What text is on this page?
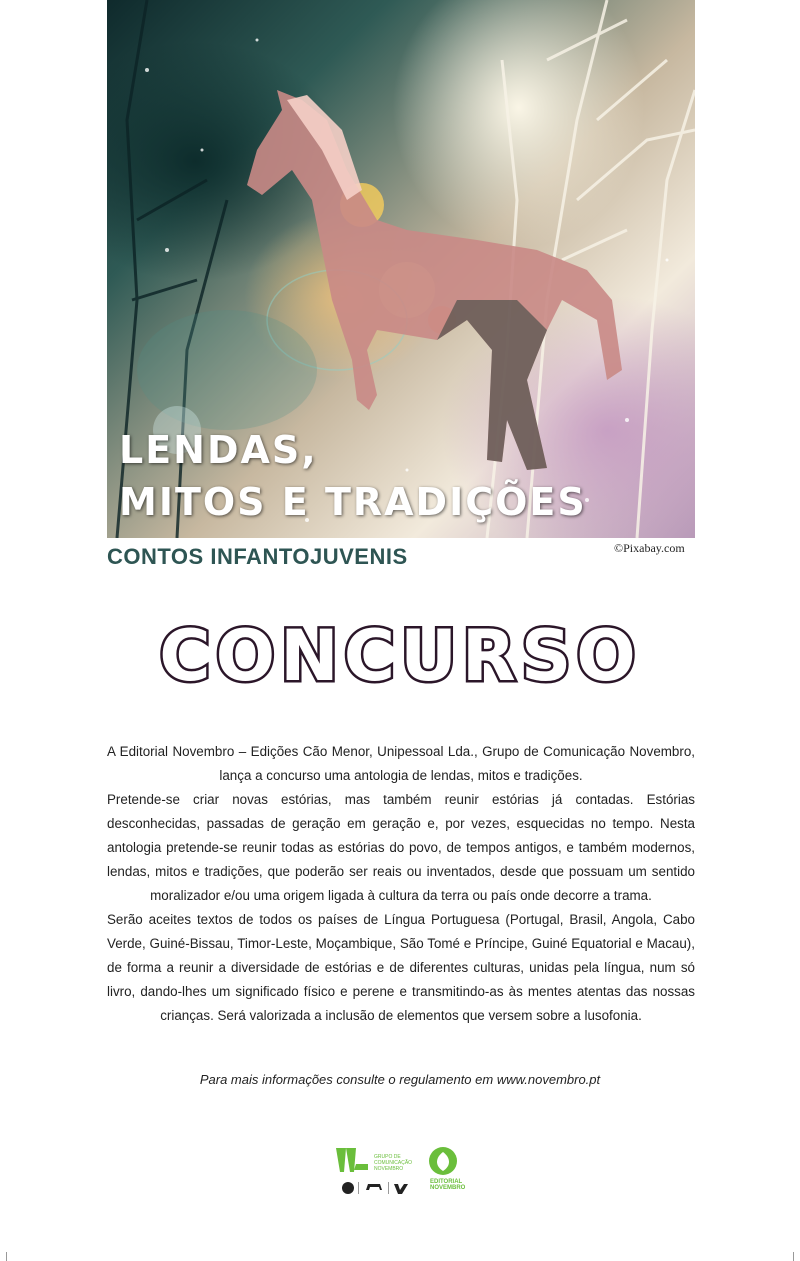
LENDAS,
MITOS E TRADIÇÕES

CONTOS INFANTOJUVENIS	©Pixabay.com

CONCURSO

A Editorial Novembro – Edições Cão Menor, Unipessoal Lda., Grupo de Comunicação Novembro, lança a concurso uma antologia de lendas, mitos e tradições.

Pretende-se criar novas estórias, mas também reunir estórias já contadas. Estórias desconhecidas, passadas de geração em geração e, por vezes, esquecidas no tempo. Nesta antologia pretende-se reunir todas as estórias do povo, de tempos antigos, e também modernos, lendas, mitos e tradições, que poderão ser reais ou inventados, desde que possuam um sentido moralizador e/ou uma origem ligada à cultura da terra ou país onde decorre a trama.

Serão aceites textos de todos os países de Língua Portuguesa (Portugal, Brasil, Angola, Cabo Verde, Guiné-Bissau, Timor-Leste, Moçambique, São Tomé e Príncipe, Guiné Equatorial e Macau), de forma a reunir a diversidade de estórias e de diferentes culturas, unidas pela língua, num só livro, dando-lhes um significado físico e perene e transmitindo-as às mentes atentas das nossas crianças. Será valorizada a inclusão de elementos que versem sobre a lusofonia.

Para mais informações consulte o regulamento em www.novembro.pt

GRUPO DE
COMUNICAÇÃO
NOVEMBRO
EDITORIAL
NOVEMBRO
